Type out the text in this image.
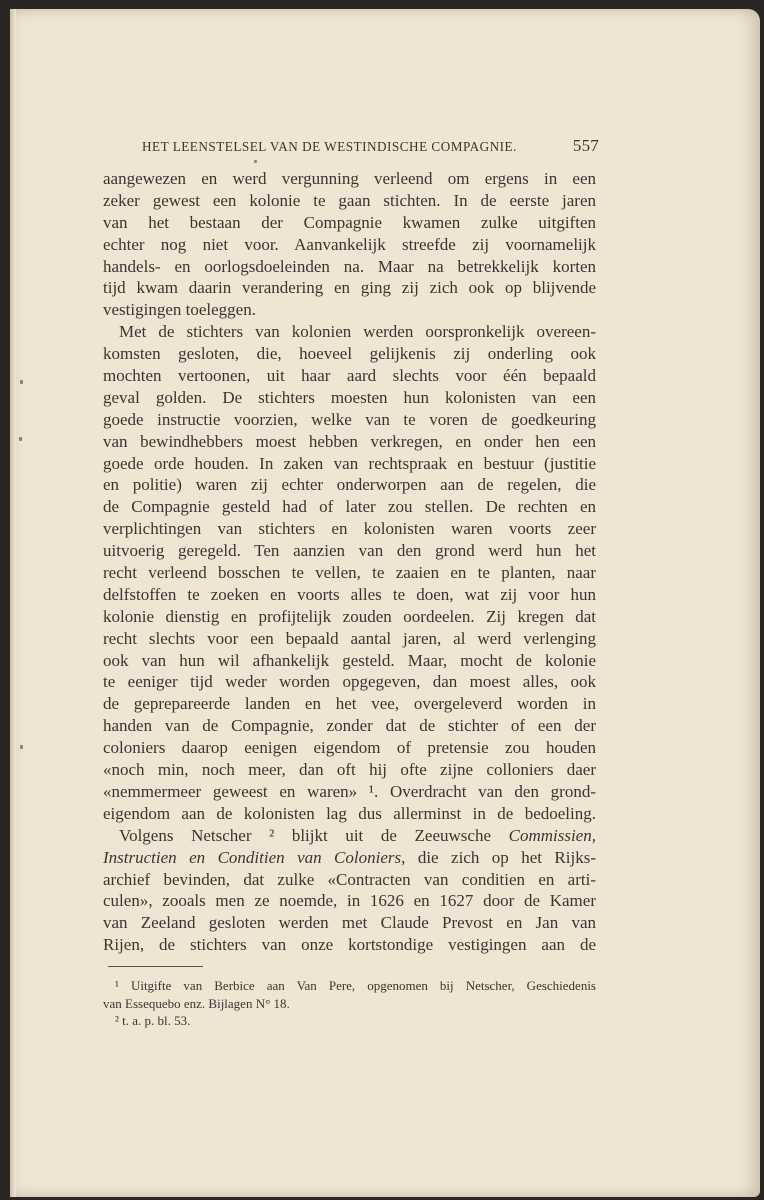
HET LEENSTELSEL VAN DE WESTINDISCHE COMPAGNIE.	557
aangewezen en werd vergunning verleend om ergens in een
zeker gewest een kolonie te gaan stichten. In de eerste jaren
van het bestaan der Compagnie kwamen zulke uitgiften
echter nog niet voor. Aanvankelijk streefde zij voornamelijk
handels- en oorlogsdoeleinden na. Maar na betrekkelijk korten
tijd kwam daarin verandering en ging zij zich ook op blijvende
vestigingen toeleggen.
Met de stichters van kolonien werden oorspronkelijk overeen-
komsten gesloten, die, hoeveel gelijkenis zij onderling ook
mochten vertoonen, uit haar aard slechts voor één bepaald
geval golden. De stichters moesten hun kolonisten van een
goede instructie voorzien, welke van te voren de goedkeuring
van bewindhebbers moest hebben verkregen, en onder hen een
goede orde houden. In zaken van rechtspraak en bestuur (justitie
en politie) waren zij echter onderworpen aan de regelen, die
de Compagnie gesteld had of later zou stellen. De rechten en
verplichtingen van stichters en kolonisten waren voorts zeer
uitvoerig geregeld. Ten aanzien van den grond werd hun het
recht verleend bosschen te vellen, te zaaien en te planten, naar
delfstoffen te zoeken en voorts alles te doen, wat zij voor hun
kolonie dienstig en profijtelijk zouden oordeelen. Zij kregen dat
recht slechts voor een bepaald aantal jaren, al werd verlenging
ook van hun wil afhankelijk gesteld. Maar, mocht de kolonie
te eeniger tijd weder worden opgegeven, dan moest alles, ook
de geprepareerde landen en het vee, overgeleverd worden in
handen van de Compagnie, zonder dat de stichter of een der
coloniers daarop eenigen eigendom of pretensie zou houden
«noch min, noch meer, dan oft hij ofte zijne colloniers daer
«nemmermeer geweest en waren» ¹. Overdracht van den grond-
eigendom aan de kolonisten lag dus allerminst in de bedoeling.
Volgens Netscher ² blijkt uit de Zeeuwsche Commissien,
Instructien en Conditien van Coloniers, die zich op het Rijks-
archief bevinden, dat zulke «Contracten van conditien en arti-
culen», zooals men ze noemde, in 1626 en 1627 door de Kamer
van Zeeland gesloten werden met Claude Prevost en Jan van
Rijen, de stichters van onze kortstondige vestigingen aan de
¹ Uitgifte van Berbice aan Van Pere, opgenomen bij Netscher, Geschiedenis
van Essequebo enz. Bijlagen N° 18.
² t. a. p. bl. 53.
